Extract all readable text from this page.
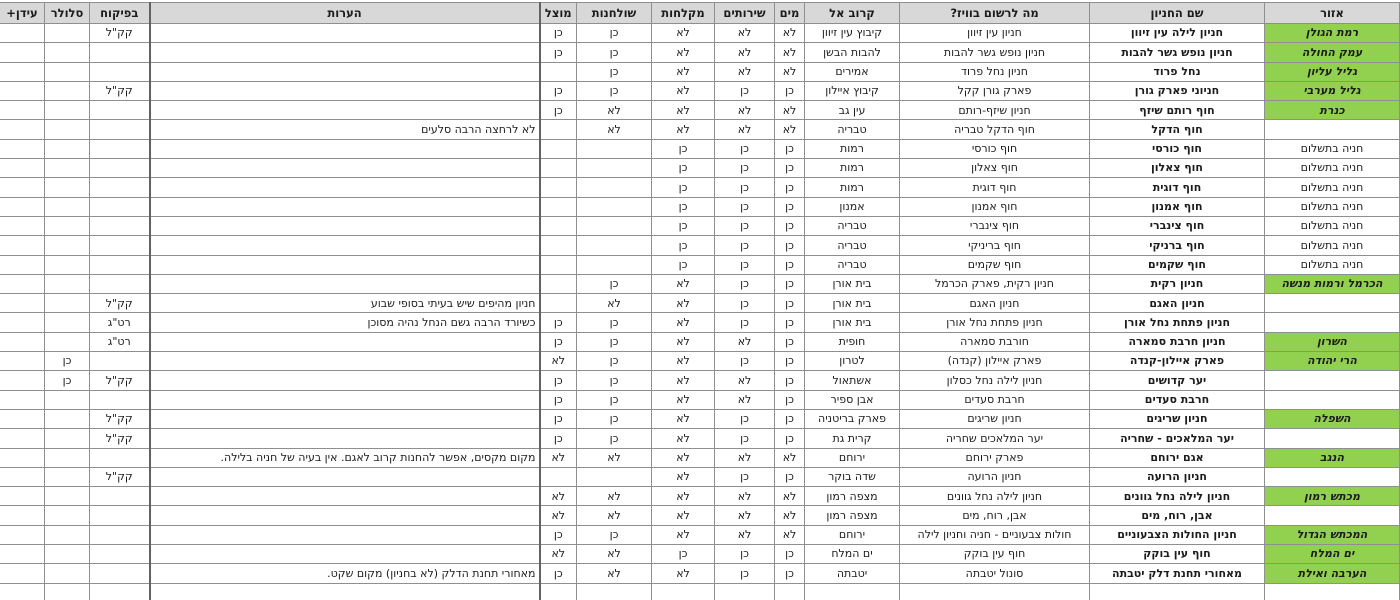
אזור	שם החניון	מה לרשום בוויז?	קרוב אל	מים	שירותים	מקלחות	שולחנות	מוצל	הערות	בפיקוח	סלולר	עידן+
רמת הגולן	חניון לילה עין זיוון	חניון עין זיוון	קיבוץ עין זיוון	לא	לא	לא	כן	כן		קק"ל		
עמק החולה	חניון נופש גשר להבות	חניון נופש גשר להבות	להבות הבשן	לא	לא	לא	כן	כן				
גליל עליון	נחל פרוד	חניון נחל פרוד	אמירים	לא	לא	לא	כן					
גליל מערבי	חניוני פארק גורן	פארק גורן קקל	קיבוץ איילון	כן	כן	לא	כן	כן		קק"ל		
כנרת	חוף רותם שיזף	חניון שיזף-רותם	עין גב	לא	לא	לא	לא	כן				
	חוף הדקל	חוף הדקל טבריה	טבריה	לא	לא	לא	לא		לא לרחצה הרבה סלעים			
חניה בתשלום	חוף כורסי	חוף כורסי	רמות	כן	כן	כן						
חניה בתשלום	חוף צאלון	חוף צאלון	רמות	כן	כן	כן						
חניה בתשלום	חוף דוגית	חוף דוגית	רמות	כן	כן	כן						
חניה בתשלום	חוף אמנון	חוף אמנון	אמנון	כן	כן	כן						
חניה בתשלום	חוף צינברי	חוף צינברי	טבריה	כן	כן	כן						
חניה בתשלום	חוף ברניקי	חוף בריניקי	טבריה	כן	כן	כן						
חניה בתשלום	חוף שקמים	חוף שקמים	טבריה	כן	כן	כן						
הכרמל ורמות מנשה	חניון רקית	חניון רקית, פארק הכרמל	בית אורן	כן	כן	לא	כן					
	חניון האגם	חניון האגם	בית אורן	כן	כן	לא	לא		חניון מהיפים שיש בעיתי בסופי שבוע	קק"ל		
	חניון פתחת נחל אורן	חניון פתחת נחל אורן	בית אורן	כן	כן	לא	כן	כן	כשיורד הרבה גשם הנחל נהיה מסוכן	רט"ג		
השרון	חניון חרבת סמארה	חורבת סמארה	חופית	כן	לא	לא	כן	כן		רט"ג		
הרי יהודה	פארק איילון-קנדה	פארק איילון (קנדה)	לטרון	כן	כן	לא	כן	לא			כן	
	יער קדושים	חניון לילה נחל כסלון	אשתאול	כן	לא	לא	כן	כן		קק"ל	כן	
	חרבת סעדים	חרבת סעדים	אבן ספיר	כן	לא	לא	כן	כן				
השפלה	חניון שריגים	חניון שריגים	פארק בריטניה	כן	כן	לא	כן	כן		קק"ל		
	יער המלאכים - שחריה	יער המלאכים שחריה	קרית גת	כן	כן	לא	כן	כן		קק"ל		
הנגב	אגם ירוחם	פארק ירוחם	ירוחם	לא	לא	לא	לא	לא	מקום מקסים, אפשר להחנות קרוב לאגם. אין בעיה של חניה בלילה.			
	חניון הרועה	חניון הרועה	שדה בוקר	כן	כן	לא				קק"ל		
מכתש רמון	חניון לילה נחל גוונים	חניון לילה נחל גוונים	מצפה רמון	לא	לא	לא	לא	לא				
	אבן, רוח, מים	אבן, רוח, מים	מצפה רמון	לא	לא	לא	לא	לא				
המכתש הגדול	חניון החולות הצבעוניים	חולות צבעוניים - חניה וחניון לילה	ירוחם	לא	לא	לא	כן	כן				
ים המלח	חוף עין בוקק	חוף עין בוקק	ים המלח	כן	כן	כן	לא	לא				
הערבה ואילת	מאחורי תחנת דלק יטבתה	סונול יטבתה	יטבתה	כן	כן	לא	לא	כן	מאחורי תחנת הדלק (לא בחניון) מקום שקט.			
